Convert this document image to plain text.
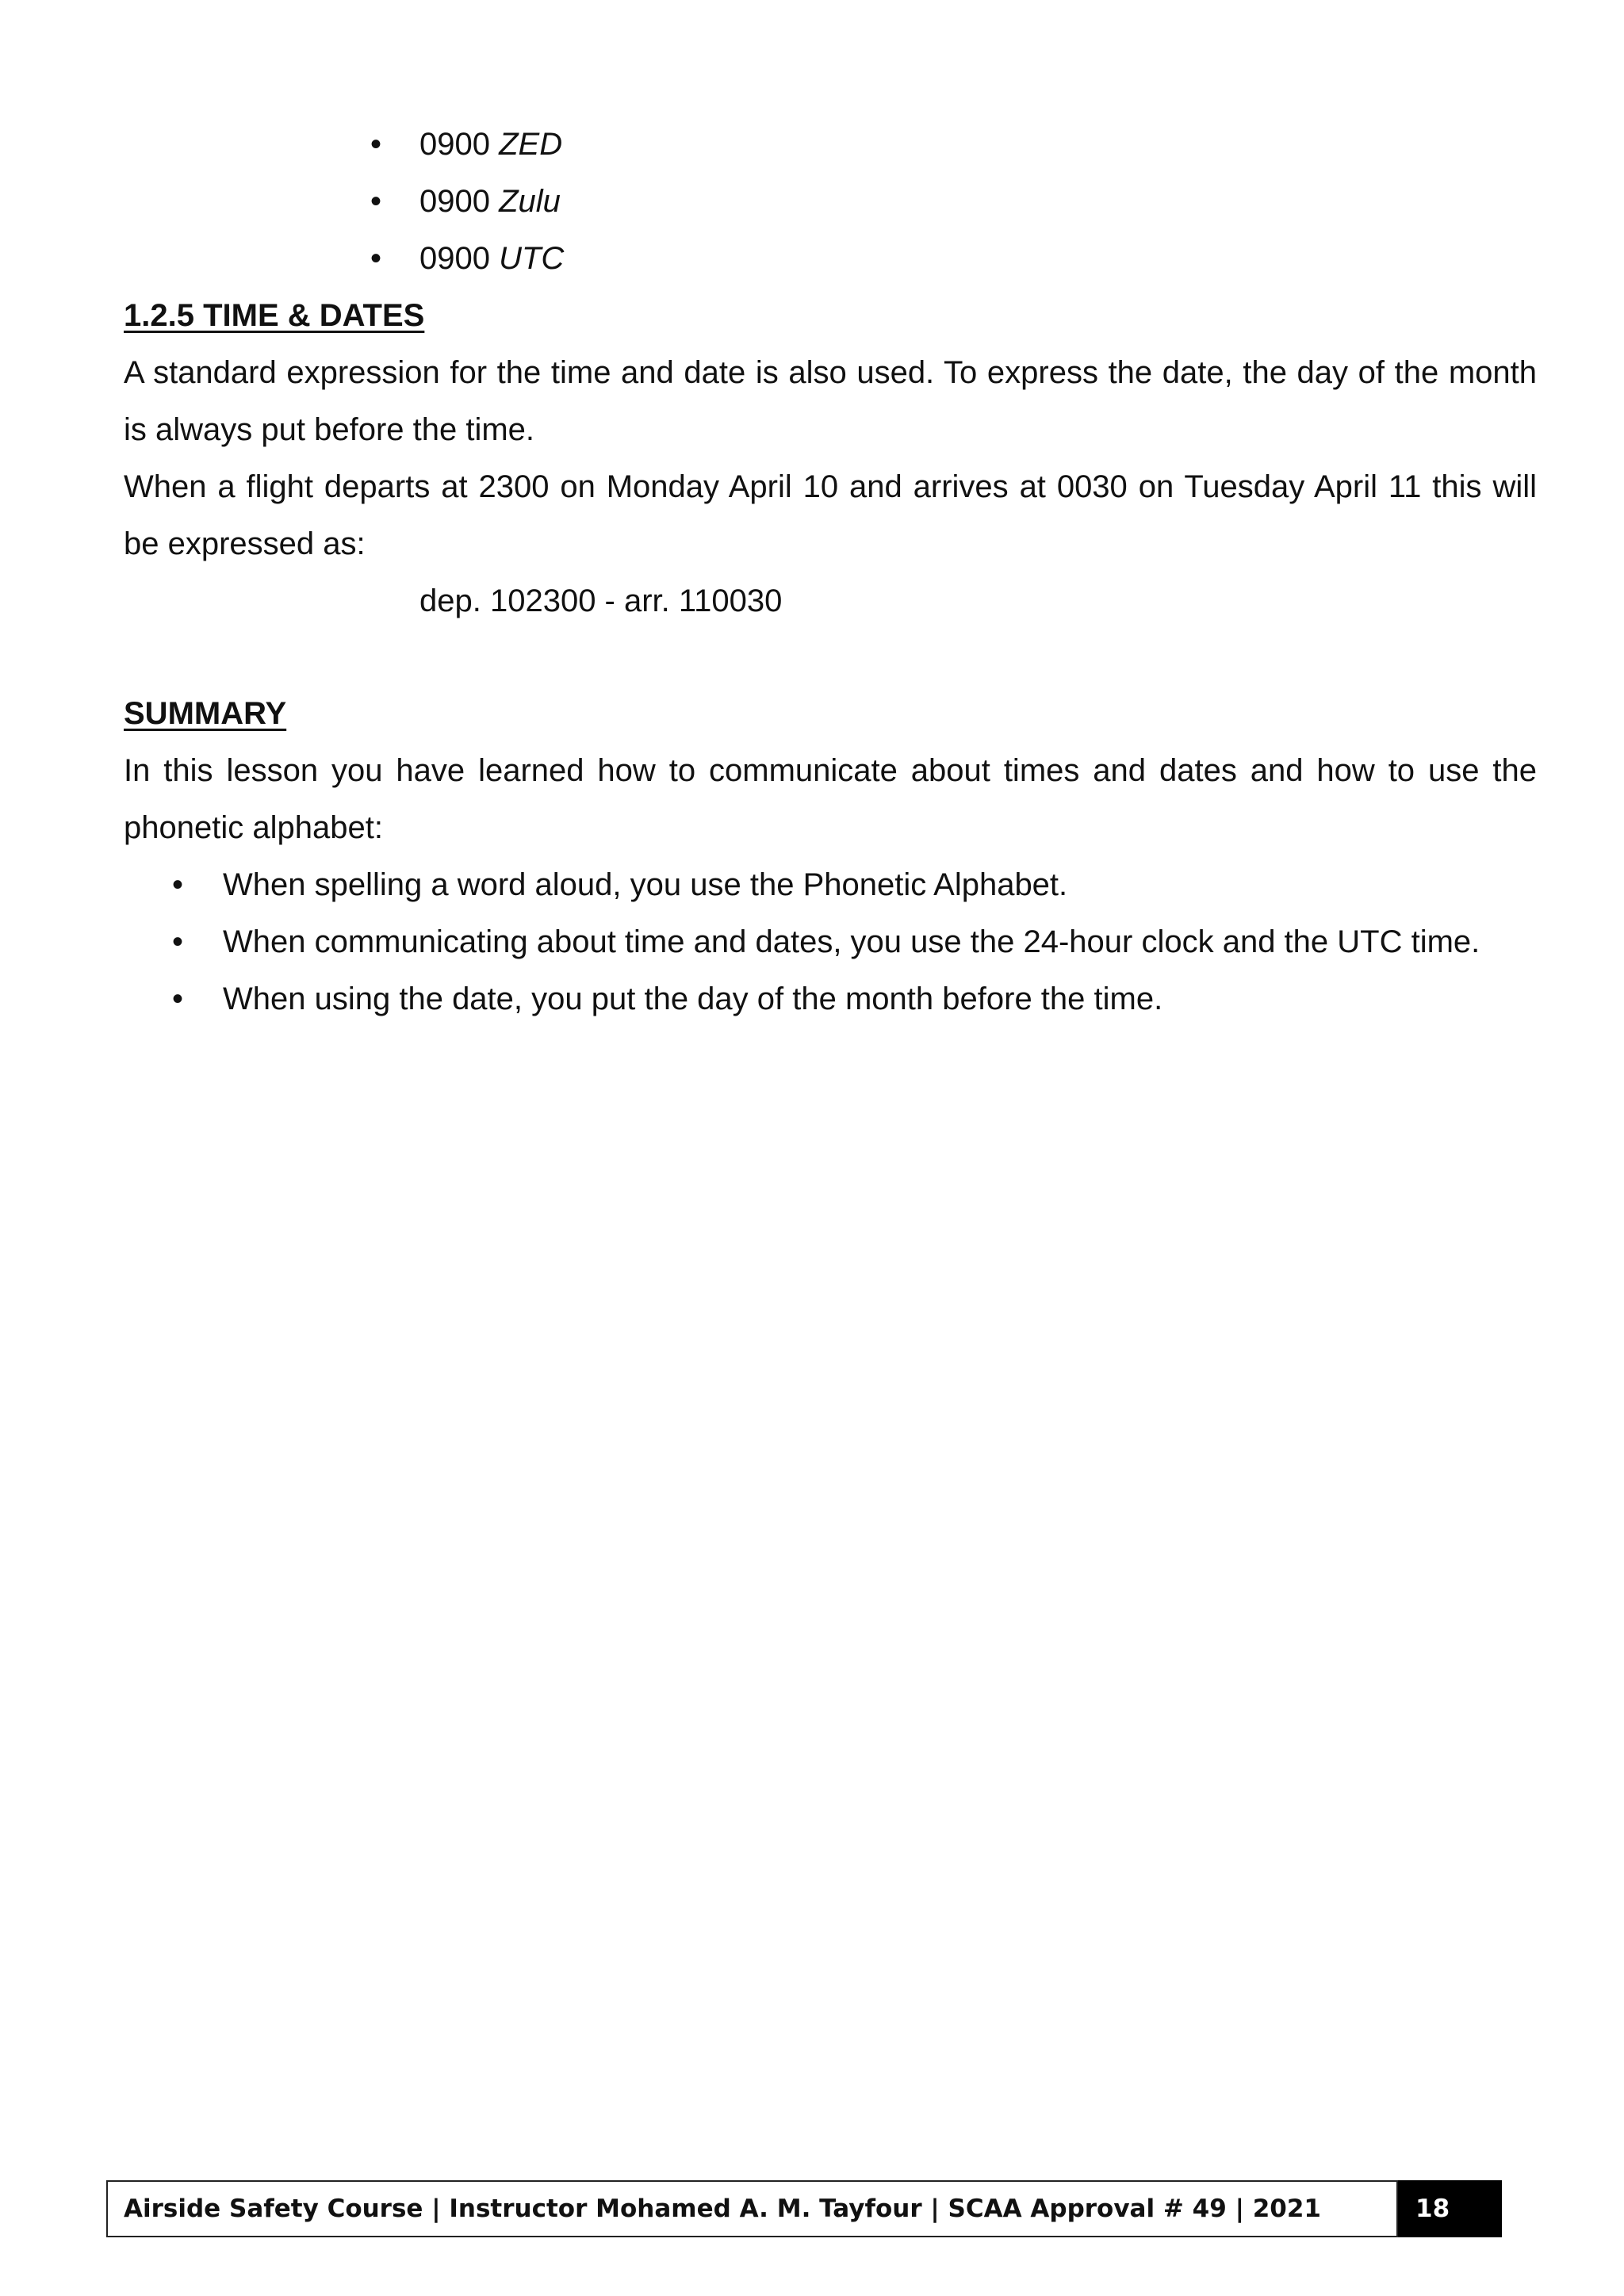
• 0900 ZED
• 0900 Zulu
• 0900 UTC
1.2.5 TIME & DATES
A standard expression for the time and date is also used. To express the date, the day of the month is always put before the time.
When a flight departs at 2300 on Monday April 10 and arrives at 0030 on Tuesday April 11 this will be expressed as:
dep. 102300 - arr. 110030
SUMMARY
In this lesson you have learned how to communicate about times and dates and how to use the phonetic alphabet:
• When spelling a word aloud, you use the Phonetic Alphabet.
• When communicating about time and dates, you use the 24-hour clock and the UTC time.
• When using the date, you put the day of the month before the time.
Airside Safety Course | Instructor Mohamed A. M. Tayfour | SCAA Approval # 49 | 2021	18
